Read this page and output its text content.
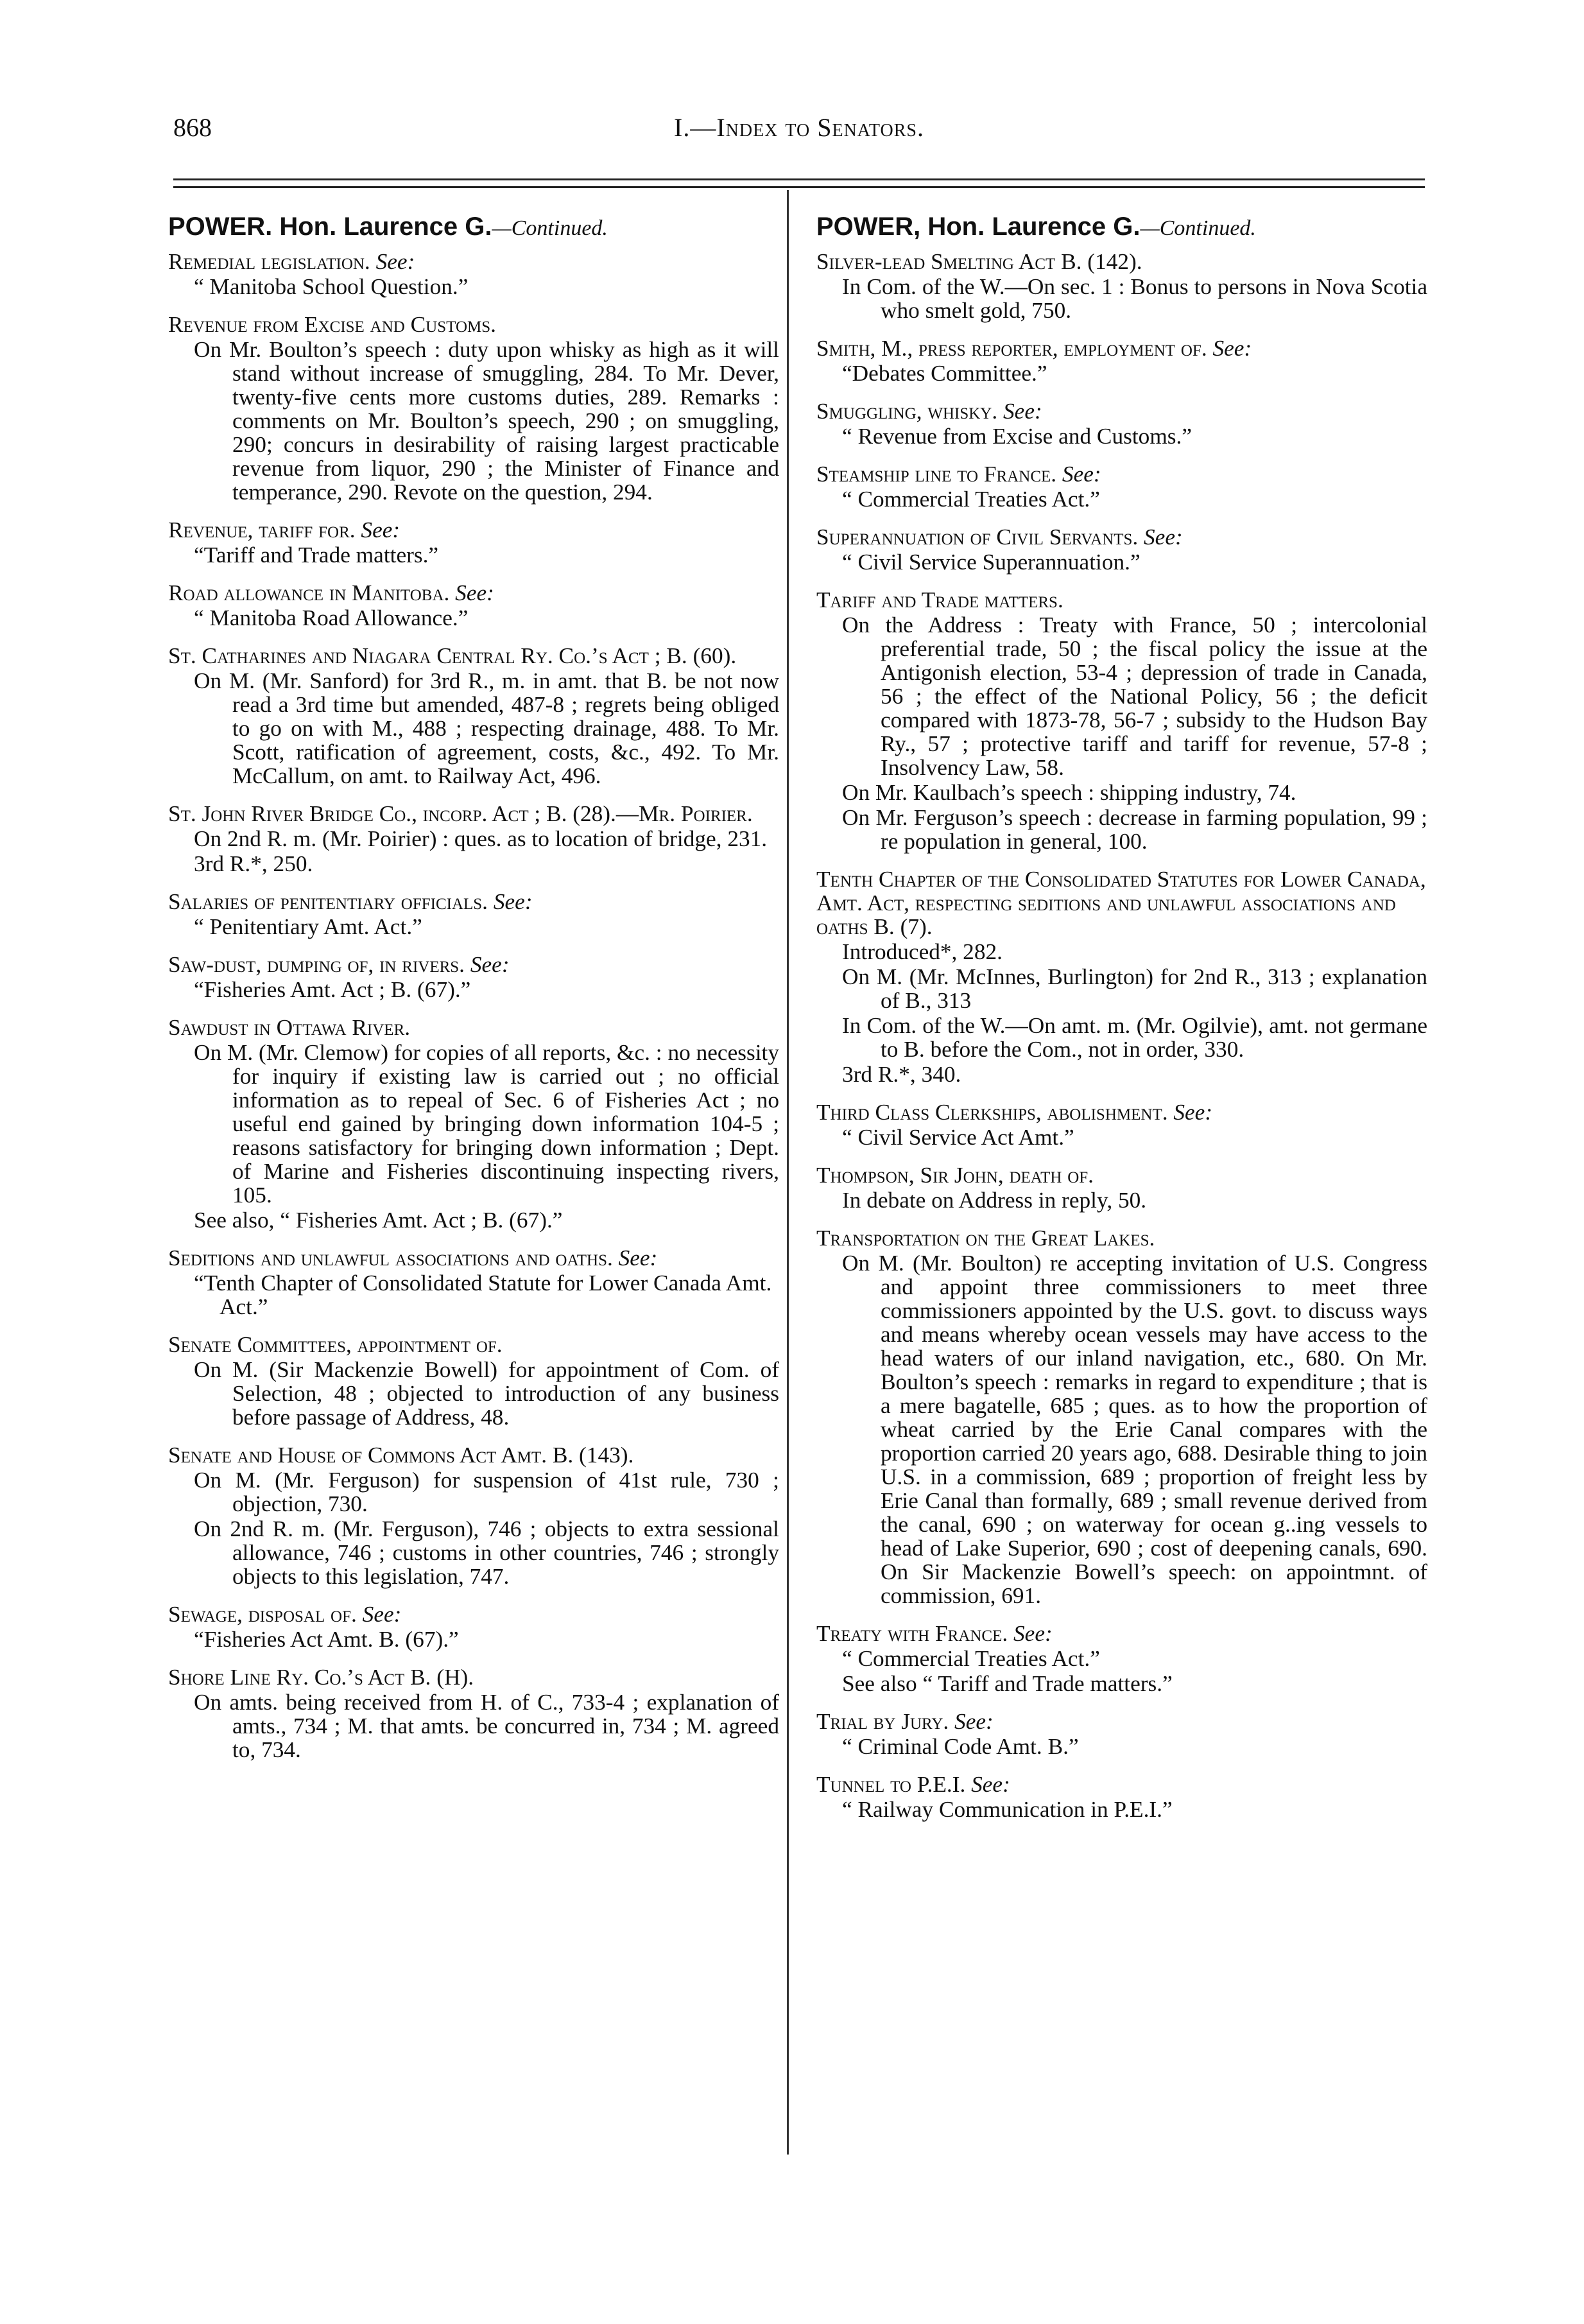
868	I.—Index to Senators.
POWER. Hon. Laurence G.—Continued.
Remedial legislation. See:
“ Manitoba School Question.”
Revenue from Excise and Customs.
On Mr. Boulton’s speech : duty upon whisky as high as it will stand without increase of smuggling, 284. To Mr. Dever, twenty-five cents more customs duties, 289. Remarks : comments on Mr. Boulton’s speech, 290 ; on smuggling, 290; concurs in desirability of raising largest practicable revenue from liquor, 290 ; the Minister of Finance and temperance, 290. Revote on the question, 294.
Revenue, tariff for. See:
“Tariff and Trade matters.”
Road allowance in Manitoba. See:
“ Manitoba Road Allowance.”
St. Catharines and Niagara Central Ry. Co.’s Act ; B. (60).
On M. (Mr. Sanford) for 3rd R., m. in amt. that B. be not now read a 3rd time but amended, 487-8 ; regrets being obliged to go on with M., 488 ; respecting drainage, 488. To Mr. Scott, ratification of agreement, costs, &c., 492. To Mr. McCallum, on amt. to Railway Act, 496.
St. John River Bridge Co., incorp. Act ; B. (28).—Mr. Poirier.
On 2nd R. m. (Mr. Poirier) : ques. as to location of bridge, 231.
3rd R.*, 250.
Salaries of penitentiary officials. See:
“ Penitentiary Amt. Act.”
Saw-dust, dumping of, in rivers. See:
“Fisheries Amt. Act ; B. (67).”
Sawdust in Ottawa River.
On M. (Mr. Clemow) for copies of all reports, &c. : no necessity for inquiry if existing law is carried out ; no official information as to repeal of Sec. 6 of Fisheries Act ; no useful end gained by bringing down information 104-5 ; reasons satisfactory for bringing down information ; Dept. of Marine and Fisheries discontinuing inspecting rivers, 105.
See also, “ Fisheries Amt. Act ; B. (67).”
Seditions and unlawful associations and oaths. See:
“Tenth Chapter of Consolidated Statute for Lower Canada Amt. Act.”
Senate Committees, appointment of.
On M. (Sir Mackenzie Bowell) for appointment of Com. of Selection, 48 ; objected to introduction of any business before passage of Address, 48.
Senate and House of Commons Act Amt. B. (143).
On M. (Mr. Ferguson) for suspension of 41st rule, 730 ; objection, 730.
On 2nd R. m. (Mr. Ferguson), 746 ; objects to extra sessional allowance, 746 ; customs in other countries, 746 ; strongly objects to this legislation, 747.
Sewage, disposal of. See:
“Fisheries Act Amt. B. (67).”
Shore Line Ry. Co.’s Act B. (H).
On amts. being received from H. of C., 733-4 ; explanation of amts., 734 ; M. that amts. be concurred in, 734 ; M. agreed to, 734.
POWER, Hon. Laurence G.—Continued.
Silver-lead Smelting Act B. (142).
In Com. of the W.—On sec. 1 : Bonus to persons in Nova Scotia who smelt gold, 750.
Smith, M., press reporter, employment of. See:
“Debates Committee.”
Smuggling, whisky. See:
“ Revenue from Excise and Customs.”
Steamship line to France. See:
“ Commercial Treaties Act.”
Superannuation of Civil Servants. See:
“ Civil Service Superannuation.”
Tariff and Trade matters.
On the Address : Treaty with France, 50 ; intercolonial preferential trade, 50 ; the fiscal policy the issue at the Antigonish election, 53-4 ; depression of trade in Canada, 56 ; the effect of the National Policy, 56 ; the deficit compared with 1873-78, 56-7 ; subsidy to the Hudson Bay Ry., 57 ; protective tariff and tariff for revenue, 57-8 ; Insolvency Law, 58.
On Mr. Kaulbach’s speech : shipping industry, 74.
On Mr. Ferguson’s speech : decrease in farming population, 99 ; re population in general, 100.
Tenth Chapter of the Consolidated Statutes for Lower Canada, Amt. Act, respecting seditions and unlawful associations and oaths B. (7).
Introduced*, 282.
On M. (Mr. McInnes, Burlington) for 2nd R., 313 ; explanation of B., 313
In Com. of the W.—On amt. m. (Mr. Ogilvie), amt. not germane to B. before the Com., not in order, 330.
3rd R.*, 340.
Third Class Clerkships, abolishment. See:
“ Civil Service Act Amt.”
Thompson, Sir John, death of.
In debate on Address in reply, 50.
Transportation on the Great Lakes.
On M. (Mr. Boulton) re accepting invitation of U.S. Congress and appoint three commissioners to meet three commissioners appointed by the U.S. govt. to discuss ways and means whereby ocean vessels may have access to the head waters of our inland navigation, etc., 680. On Mr. Boulton’s speech : remarks in regard to expenditure ; that is a mere bagatelle, 685 ; ques. as to how the proportion of wheat carried by the Erie Canal compares with the proportion carried 20 years ago, 688. Desirable thing to join U.S. in a commission, 689 ; proportion of freight less by Erie Canal than formally, 689 ; small revenue derived from the canal, 690 ; on waterway for ocean g..ing vessels to head of Lake Superior, 690 ; cost of deepening canals, 690. On Sir Mackenzie Bowell’s speech: on appointmnt. of commission, 691.
Treaty with France. See:
“ Commercial Treaties Act.”
See also “ Tariff and Trade matters.”
Trial by Jury. See:
“ Criminal Code Amt. B.”
Tunnel to P.E.I. See:
“ Railway Communication in P.E.I.”
